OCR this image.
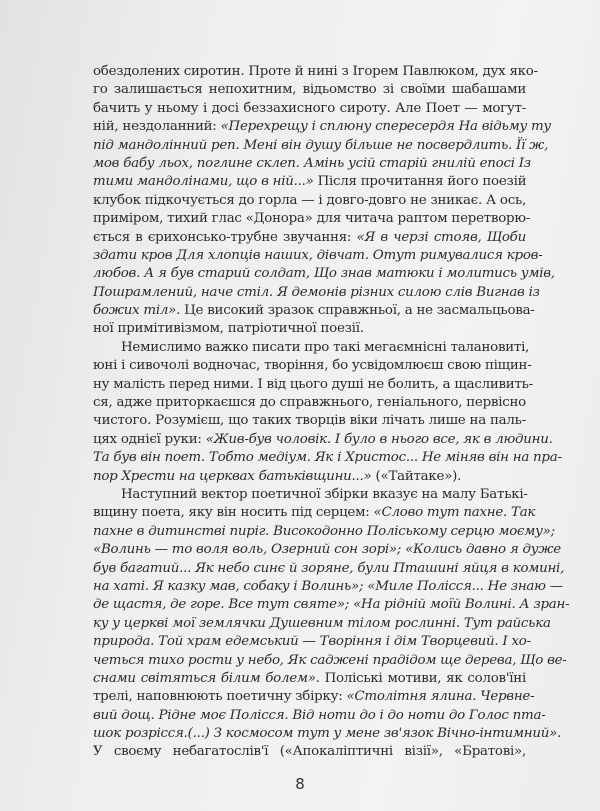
обездолених сиротин. Проте й нині з Ігорем Павлюком, дух яко-
го залишається непохитним, відьомство зі своїми шабашами
бачить у ньому і досі беззахисного сироту. Але Поет — могут-
ній, нездоланний: «Перехрещу і сплюну спересердя На відьму ту
під мандолінний реп. Мені він душу більше не посвердлить. Її ж,
мов бабу льох, поглине склеп. Амінь усій старій гнилій епосі Із
тими мандолінами, що в ній...» Після прочитання його поезій
клубок підкочується до горла — і довго-довго не зникає. А ось,
приміром, тихий глас «Донора» для читача раптом перетворю-
ється в єрихонсько-трубне звучання: «Я в черзі стояв, Щоби
здати кров Для хлопців наших, дівчат. Отут римувалися кров-
любов. А я був старий солдат, Що знав матюки і молитись умів,
Пошрамлений, наче стіл. Я демонів різних силою слів Вигнав із
божих тіл». Це високий зразок справжньої, а не засмальцьова-
ної примітивізмом, патріотичної поезії.
Немислимо важко писати про такі мегаємнісні талановиті,
юні і сивочолі водночас, творіння, бо усвідомлюєш свою піщин-
ну малість перед ними. І від цього душі не болить, а щасливить-
ся, адже приторкаєшся до справжнього, геніального, первісно
чистого. Розумієш, що таких творців віки лічать лише на паль-
цях однієї руки: «Жив-був чоловік. І було в нього все, як в людини.
Та був він поет. Тобто медіум. Як і Христос... Не міняв він на пра-
пор Хрести на церквах батьківщини...» («Тайтаке»).
Наступний вектор поетичної збірки вказує на малу Батькі-
вщину поета, яку він носить під серцем: «Слово тут пахне. Так
пахне в дитинстві пиріг. Високодонно Поліському серцю моєму»;
«Волинь — то воля воль, Озерний сон зорі»; «Колись давно я дуже
був багатий... Як небо синє й зоряне, були Пташині яйця в комині,
на хаті. Я казку мав, собаку і Волинь»; «Миле Полісся... Не знаю —
де щастя, де горе. Все тут святе»; «На рідній моїй Волині. А зран-
ку у церкві мої землячки Душевним тілом рослинні. Тут райська
природа. Той храм едемський — Творіння і дім Творцевий. І хо-
четься тихо рости у небо, Як саджені прадідом ще дерева, Що ве-
снами світяться білим болем». Поліські мотиви, як солов'їні
трелі, наповнюють поетичну збірку: «Столітня ялина. Червне-
вий дощ. Рідне моє Полісся. Від ноти до і до ноти до Голос пта-
шок розрісся.(...) З космосом тут у мене зв'язок Вічно-інтимний».
У своєму небагатослів'ї («Апокаліптичні візії», «Братові»,
8
